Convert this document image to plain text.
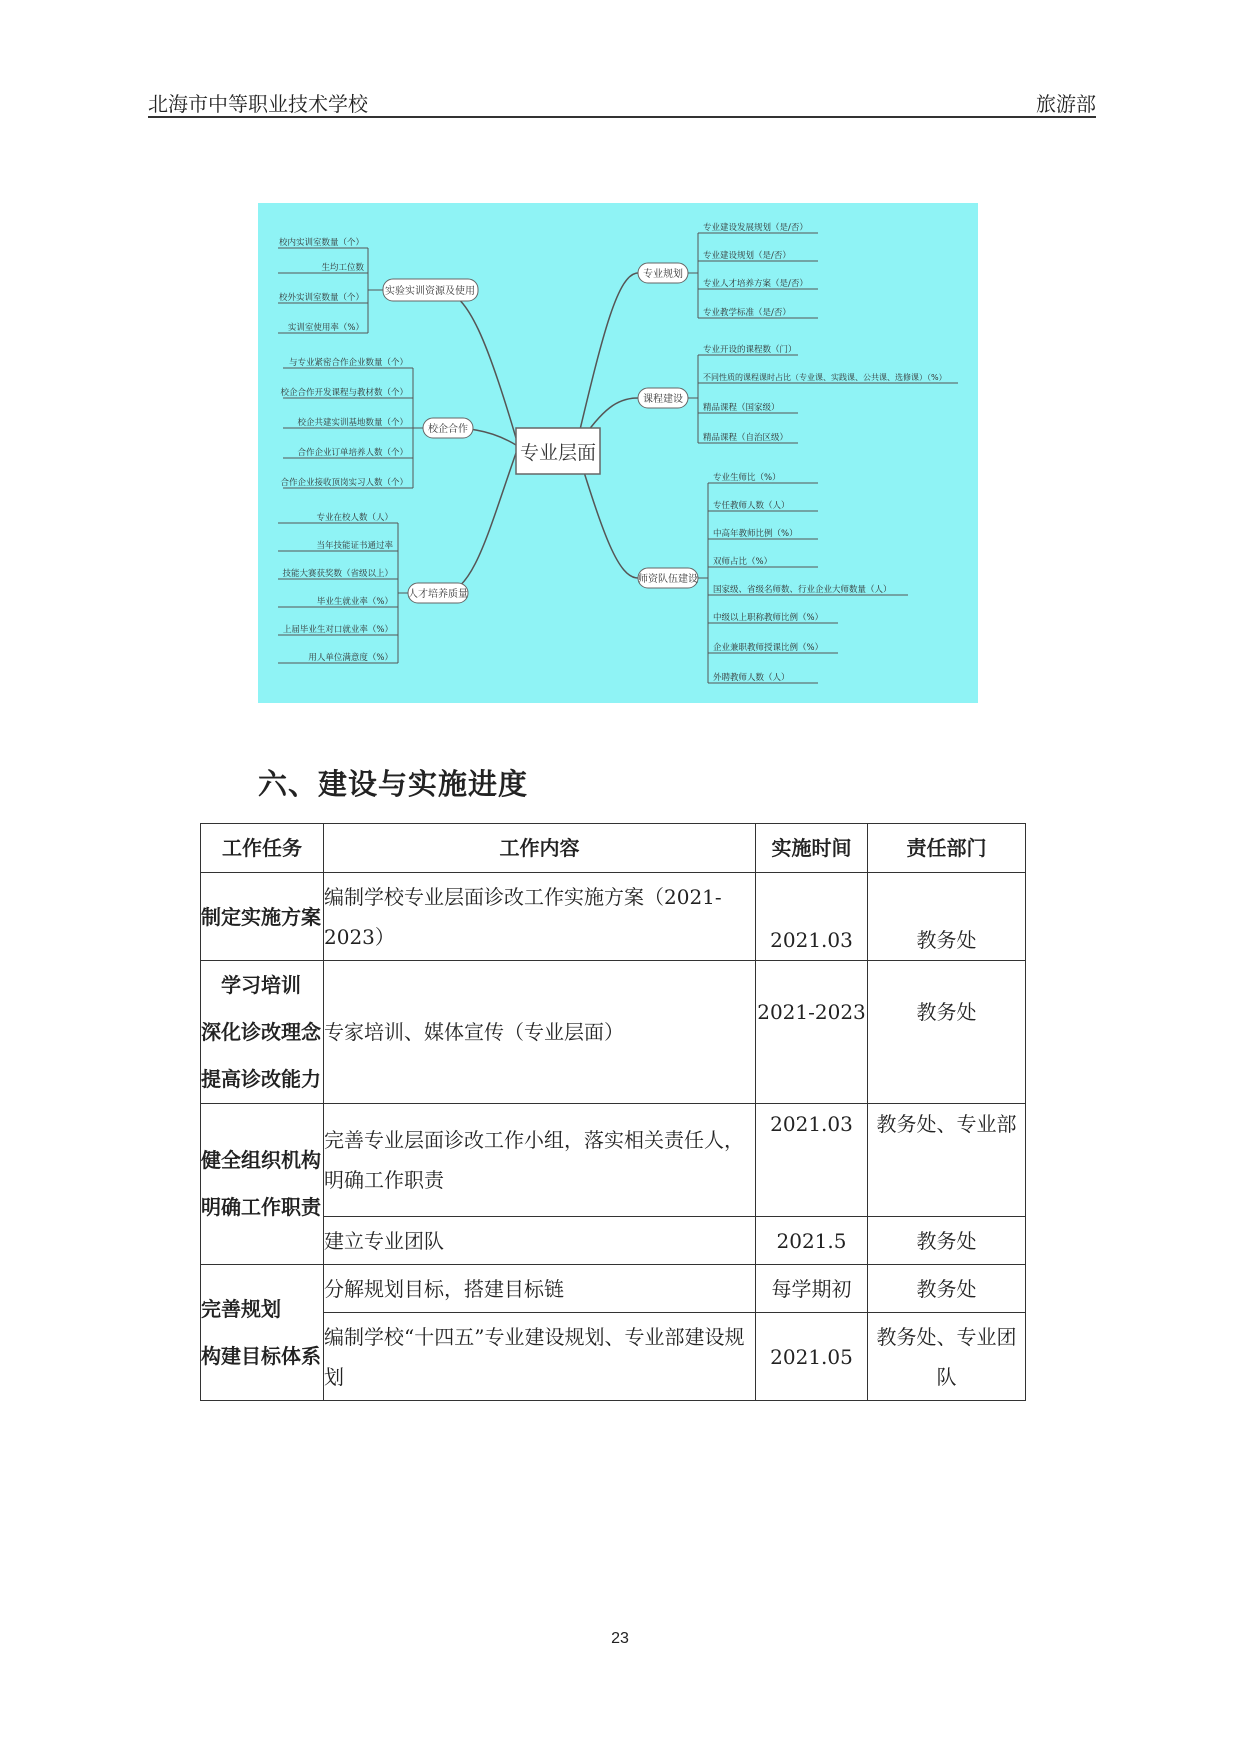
北海市中等职业技术学校	旅游部
专业层面
实验实训资源及使用
校内实训室数量（个）
生均工位数
校外实训室数量（个）
实训室使用率（%）
校企合作
与专业紧密合作企业数量（个）
校企合作开发课程与教材数（个）
校企共建实训基地数量（个）
合作企业订单培养人数（个）
合作企业接收顶岗实习人数（个）
人才培养质量
专业在校人数（人）
当年技能证书通过率
技能大赛获奖数（省级以上）
毕业生就业率（%）
上届毕业生对口就业率（%）
用人单位满意度（%）
专业规划
专业建设发展规划（是/否）
专业建设规划（是/否）
专业人才培养方案（是/否）
专业教学标准（是/否）
课程建设
专业开设的课程数（门）
不同性质的课程课时占比（专业课、实践课、公共课、选修课）（%）
精品课程（国家级）
精品课程（自治区级）
师资队伍建设
专业生师比（%）
专任教师人数（人）
中高年教师比例（%）
双师占比（%）
国家级、省级名师数、行业企业大师数量（人）
中级以上职称教师比例（%）
企业兼职教师授课比例（%）
外聘教师人数（人）
六、建设与实施进度
工作任务	工作内容	实施时间	责任部门

制定实施方案	编制学校专业层面诊改工作实施方案（2021-2023）	2021.03	教务处

学习培训
深化诊改理念
提高诊改能力	专家培训、媒体宣传（专业层面）	2021-2023	教务处

健全组织机构
明确工作职责	完善专业层面诊改工作小组，落实相关责任人，明确工作职责	2021.03	教务处、专业部
	建立专业团队	2021.5	教务处

完善规划
构建目标体系	分解规划目标，搭建目标链	每学期初	教务处
	编制学校“十四五”专业建设规划、专业部建设规划	2021.05	教务处、专业团队
23
